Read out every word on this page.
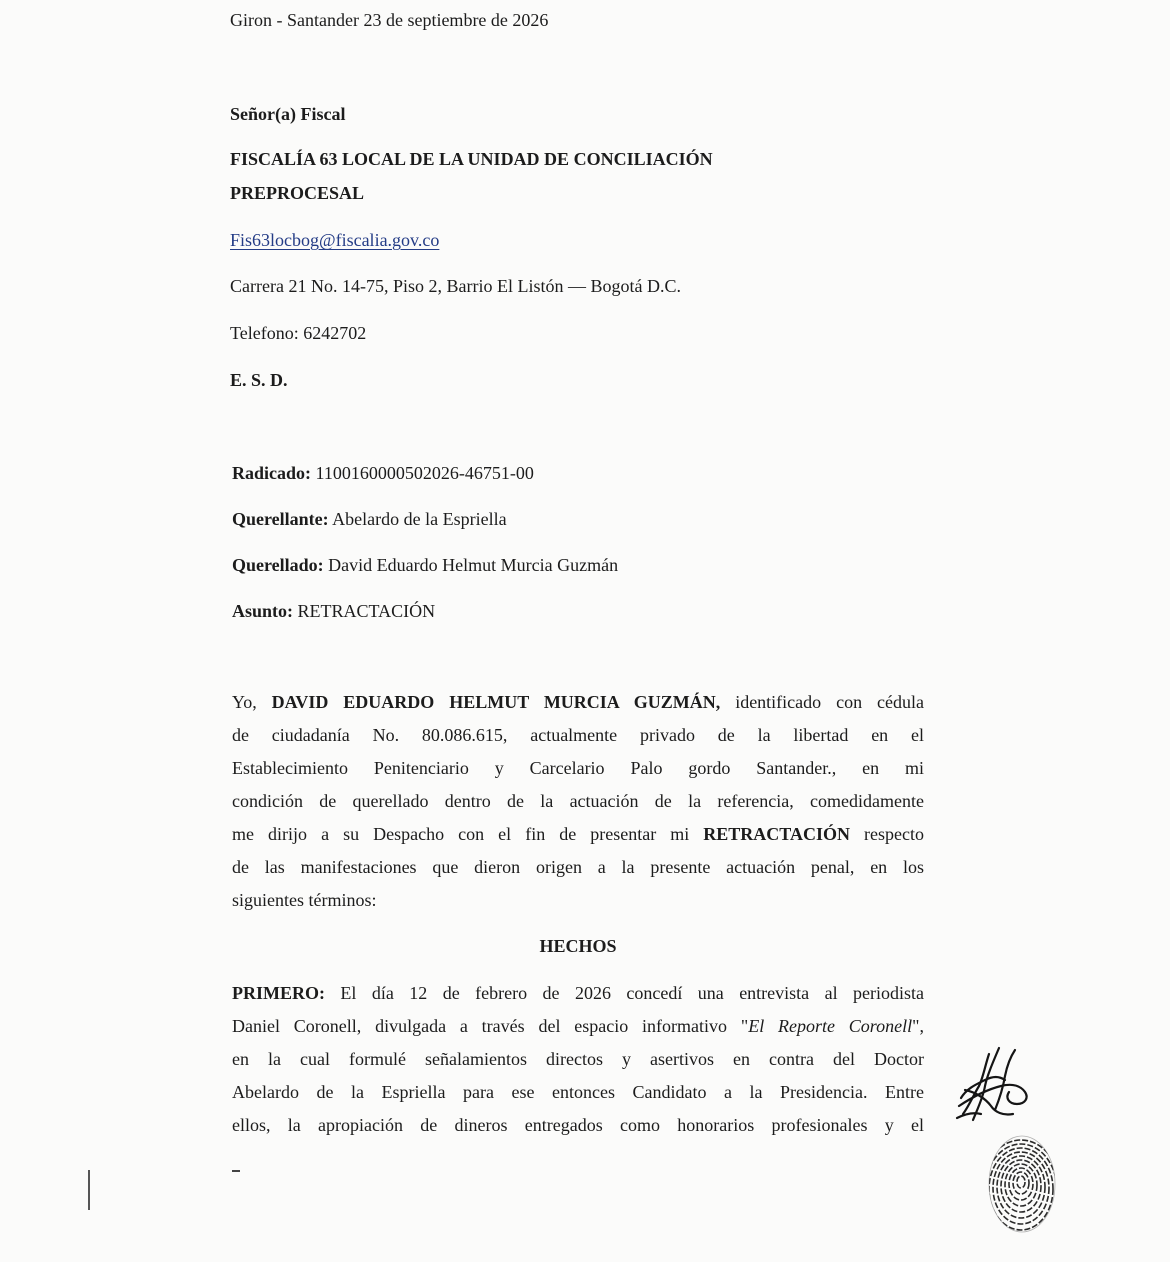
Giron - Santander 23 de septiembre de 2026
Señor(a) Fiscal
FISCALÍA 63 LOCAL DE LA UNIDAD DE CONCILIACIÓN
PREPROCESAL
Fis63locbog@fiscalia.gov.co
Carrera 21 No. 14-75, Piso 2, Barrio El Listón — Bogotá D.C.
Telefono: 6242702
E. S. D.
Radicado: 1100160000502026-46751-00
Querellante: Abelardo de la Espriella
Querellado: David Eduardo Helmut Murcia Guzmán
Asunto: RETRACTACIÓN
Yo, DAVID EDUARDO HELMUT MURCIA GUZMÁN, identificado con cédula
de ciudadanía No. 80.086.615, actualmente privado de la libertad en el
Establecimiento Penitenciario y Carcelario Palo gordo Santander., en mi
condición de querellado dentro de la actuación de la referencia, comedidamente
me dirijo a su Despacho con el fin de presentar mi RETRACTACIÓN respecto
de las manifestaciones que dieron origen a la presente actuación penal, en los
siguientes términos:
HECHOS
PRIMERO: El día 12 de febrero de 2026 concedí una entrevista al periodista
Daniel Coronell, divulgada a través del espacio informativo "El Reporte Coronell",
en la cual formulé señalamientos directos y asertivos en contra del Doctor
Abelardo de la Espriella para ese entonces Candidato a la Presidencia. Entre
ellos, la apropiación de dineros entregados como honorarios profesionales y el
